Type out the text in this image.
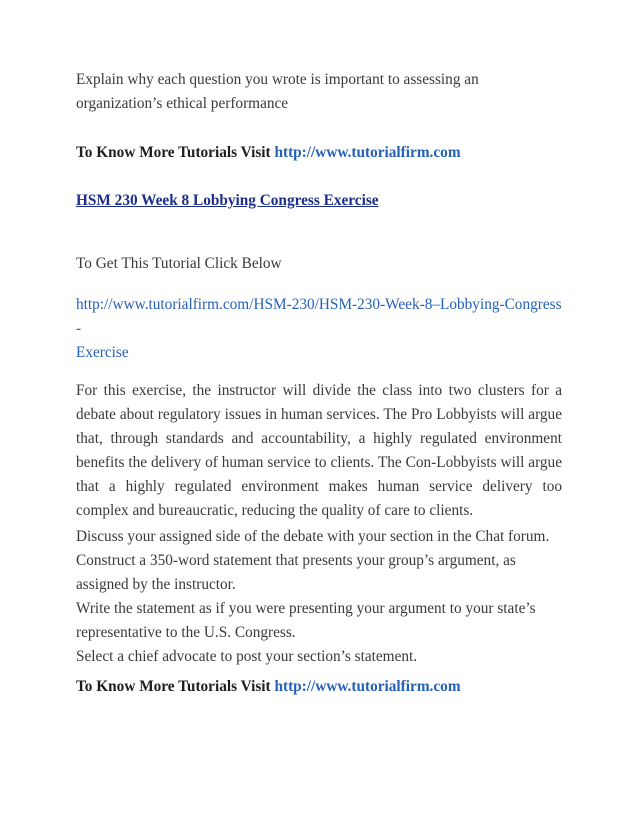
Explain why each question you wrote is important to assessing an organization’s ethical performance

To Know More Tutorials Visit http://www.tutorialfirm.com

HSM 230 Week 8 Lobbying Congress Exercise

To Get This Tutorial Click Below

http://www.tutorialfirm.com/HSM-230/HSM-230-Week-8–Lobbying-Congress-
Exercise

For this exercise, the instructor will divide the class into two clusters for a debate about regulatory issues in human services. The Pro Lobbyists will argue that, through standards and accountability, a highly regulated environment benefits the delivery of human service to clients. The Con-Lobbyists will argue that a highly regulated environment makes human service delivery too complex and bureaucratic, reducing the quality of care to clients.

Discuss your assigned side of the debate with your section in the Chat forum.
Construct a 350-word statement that presents your group’s argument, as assigned by the instructor.
Write the statement as if you were presenting your argument to your state’s representative to the U.S. Congress.
Select a chief advocate to post your section’s statement.

To Know More Tutorials Visit http://www.tutorialfirm.com
